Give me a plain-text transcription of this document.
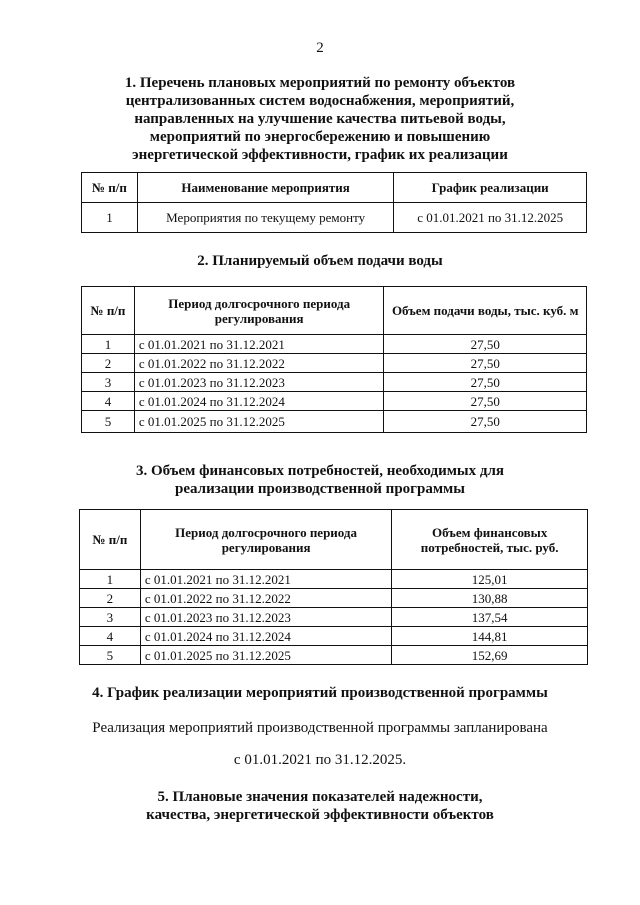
2
1. Перечень плановых мероприятий по ремонту объектов
централизованных систем водоснабжения, мероприятий,
направленных на улучшение качества питьевой воды,
мероприятий по энергосбережению и повышению
энергетической эффективности, график их реализации
№ п/п	Наименование мероприятия	График реализации
1	Мероприятия по текущему ремонту	с 01.01.2021 по 31.12.2025
2. Планируемый объем подачи воды
№ п/п	Период долгосрочного периода регулирования	Объем подачи воды, тыс. куб. м
1	с 01.01.2021 по 31.12.2021	27,50
2	с 01.01.2022 по 31.12.2022	27,50
3	с 01.01.2023 по 31.12.2023	27,50
4	с 01.01.2024 по 31.12.2024	27,50
5	с 01.01.2025 по 31.12.2025	27,50
3. Объем финансовых потребностей, необходимых для
реализации производственной программы
№ п/п	Период долгосрочного периода регулирования	Объем финансовых потребностей, тыс. руб.
1	с 01.01.2021 по 31.12.2021	125,01
2	с 01.01.2022 по 31.12.2022	130,88
3	с 01.01.2023 по 31.12.2023	137,54
4	с 01.01.2024 по 31.12.2024	144,81
5	с 01.01.2025 по 31.12.2025	152,69
4. График реализации мероприятий производственной программы
Реализация мероприятий производственной программы запланирована
с 01.01.2021 по 31.12.2025.
5. Плановые значения показателей надежности,
качества, энергетической эффективности объектов
